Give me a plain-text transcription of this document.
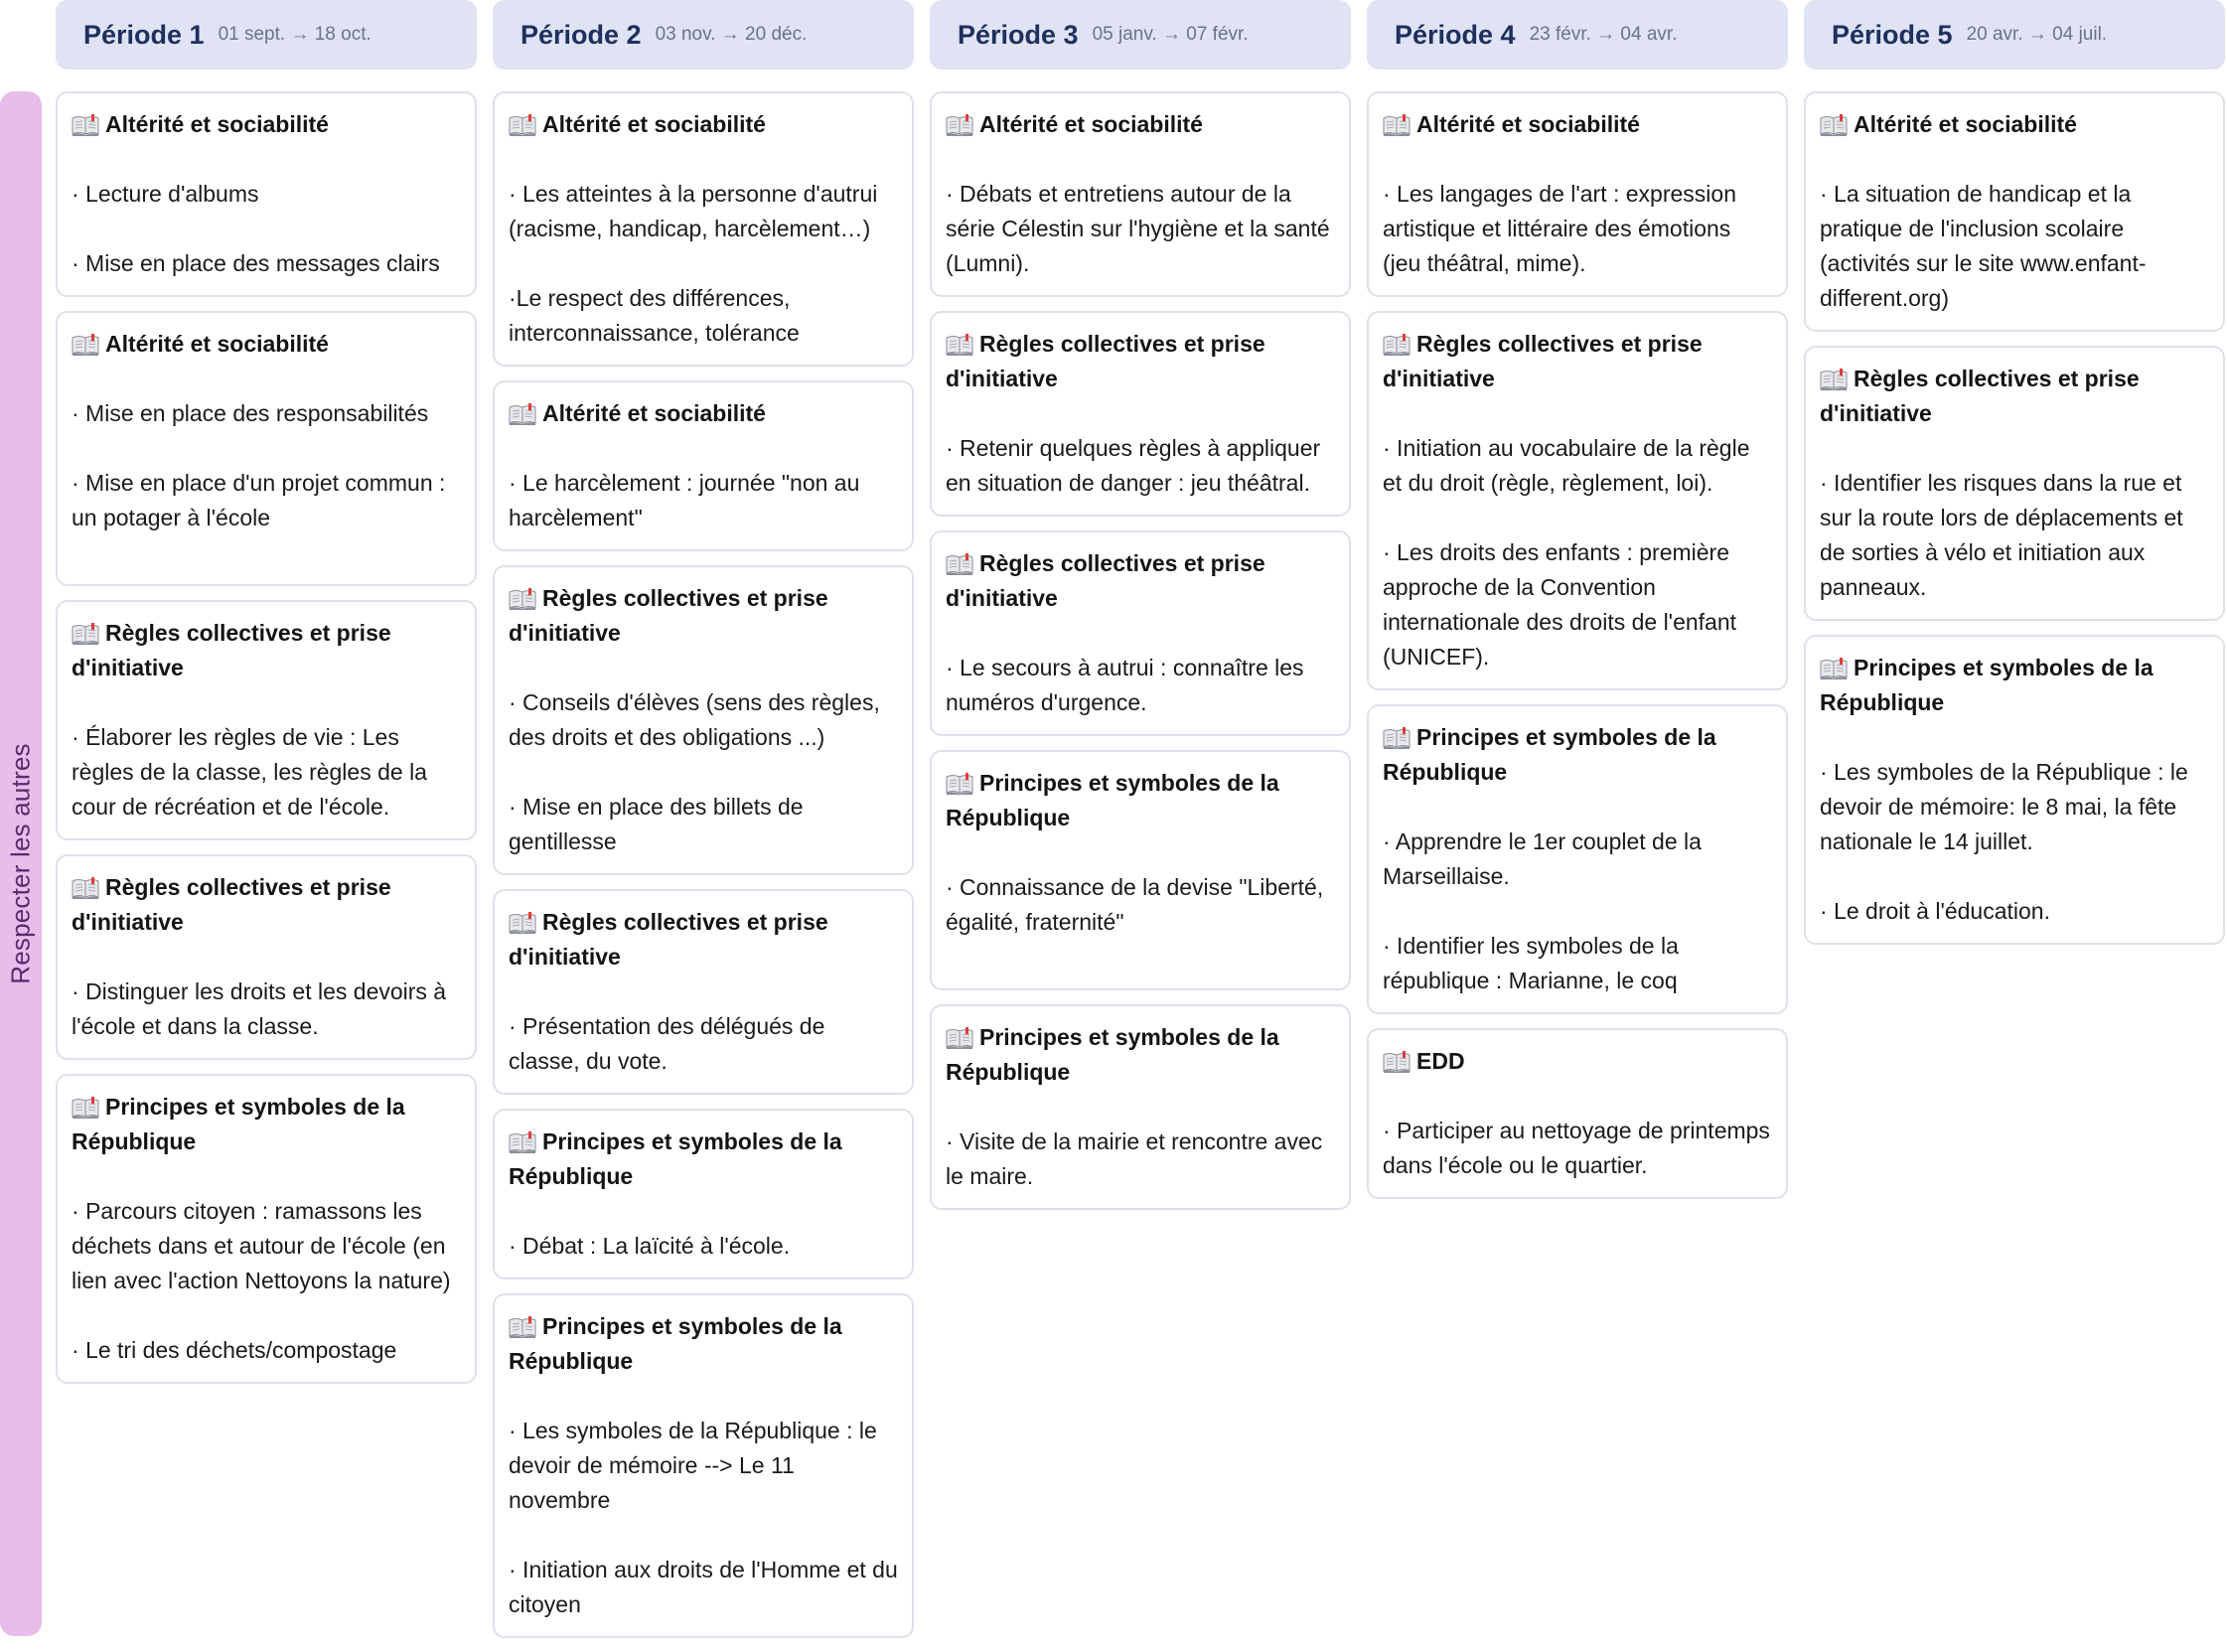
Respecter les autres
Période 1 01 sept. → 18 oct.
Altérité et sociabilité
· Lecture d'albums
· Mise en place des messages clairs
Altérité et sociabilité
· Mise en place des responsabilités
· Mise en place d'un projet commun : un potager à l'école
Règles collectives et prise d'initiative
· Élaborer les règles de vie : Les règles de la classe, les règles de la cour de récréation et de l'école.
Règles collectives et prise d'initiative
· Distinguer les droits et les devoirs à l'école et dans la classe.
Principes et symboles de la République
· Parcours citoyen : ramassons les déchets dans et autour de l'école (en lien avec l'action Nettoyons la nature)
· Le tri des déchets/compostage
Période 2 03 nov. → 20 déc.
Altérité et sociabilité
· Les atteintes à la personne d'autrui (racisme, handicap, harcèlement…)
·Le respect des différences, interconnaissance, tolérance
Altérité et sociabilité
· Le harcèlement : journée "non au harcèlement"
Règles collectives et prise d'initiative
· Conseils d'élèves (sens des règles, des droits et des obligations ...)
· Mise en place des billets de gentillesse
Règles collectives et prise d'initiative
· Présentation des délégués de classe, du vote.
Principes et symboles de la République
· Débat : La laïcité à l'école.
Principes et symboles de la République
· Les symboles de la République : le devoir de mémoire --> Le 11 novembre
· Initiation aux droits de l'Homme et du citoyen
Période 3 05 janv. → 07 févr.
Altérité et sociabilité
· Débats et entretiens autour de la série Célestin sur l'hygiène et la santé (Lumni).
Règles collectives et prise d'initiative
· Retenir quelques règles à appliquer en situation de danger : jeu théâtral.
Règles collectives et prise d'initiative
· Le secours à autrui : connaître les numéros d'urgence.
Principes et symboles de la République
· Connaissance de la devise "Liberté, égalité, fraternité"
Principes et symboles de la République
· Visite de la mairie et rencontre avec le maire.
Période 4 23 févr. → 04 avr.
Altérité et sociabilité
· Les langages de l'art : expression artistique et littéraire des émotions (jeu théâtral, mime).
Règles collectives et prise d'initiative
· Initiation au vocabulaire de la règle et du droit (règle, règlement, loi).
· Les droits des enfants : première approche de la Convention internationale des droits de l'enfant (UNICEF).
Principes et symboles de la République
· Apprendre le 1er couplet de la Marseillaise.
· Identifier les symboles de la république : Marianne, le coq
EDD
· Participer au nettoyage de printemps dans l'école ou le quartier.
Période 5 20 avr. → 04 juil.
Altérité et sociabilité
· La situation de handicap et la pratique de l'inclusion scolaire (activités sur le site www.enfant-different.org)
Règles collectives et prise d'initiative
· Identifier les risques dans la rue et sur la route lors de déplacements et de sorties à vélo et initiation aux panneaux.
Principes et symboles de la République
· Les symboles de la République : le devoir de mémoire: le 8 mai, la fête nationale le 14 juillet.
· Le droit à l'éducation.
